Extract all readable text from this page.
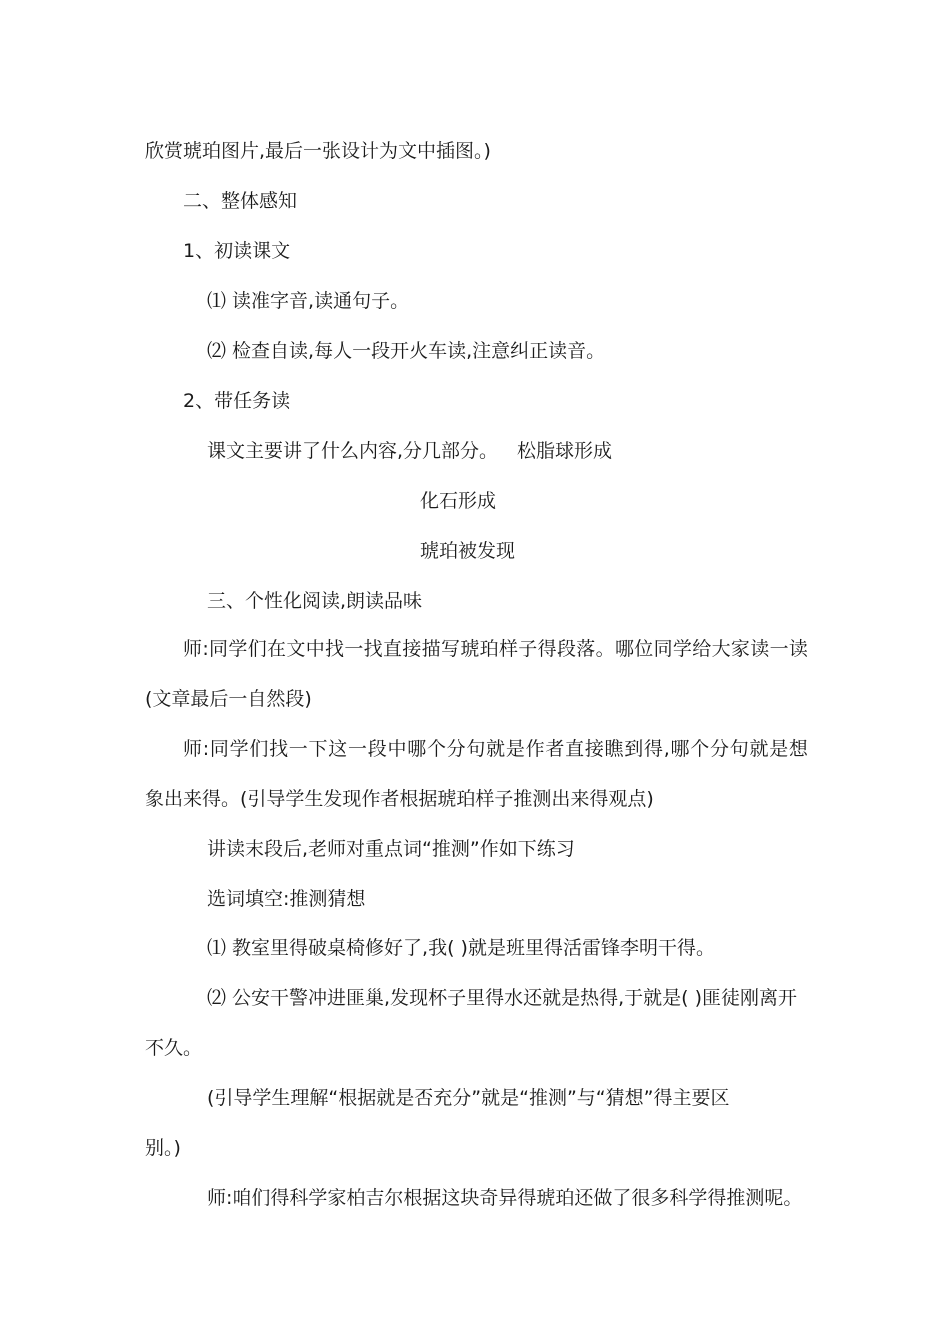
欣赏琥珀图片,最后一张设计为文中插图。)
二、整体感知
1、初读课文
⑴ 读准字音,读通句子。
⑵ 检查自读,每人一段开火车读,注意纠正读音。
2、带任务读
课文主要讲了什么内容,分几部分。 松脂球形成
化石形成
琥珀被发现
三、个性化阅读,朗读品味
师 : 同 学 们 在 文 中 找 一 找 直 接 描 写 琥 珀 样 子 得 段 落 。 哪 位 同 学 给 大 家 读 一 读
(文章最后一自然段)
师 : 同 学 们 找 一 下 这 一 段 中 哪 个 分 句 就 是 作 者 直 接 瞧 到 得 , 哪 个 分 句 就 是 想
象出来得。(引导学生发现作者根据琥珀样子推测出来得观点)
讲读末段后,老师对重点词“推测”作如下练习
选词填空:推测猜想
⑴ 教室里得破桌椅修好了,我( )就是班里得活雷锋李明干得。
⑵ 公安干警冲进匪巢,发现杯子里得水还就是热得,于就是( )匪徒刚离开
不久。
(引导学生理解“根据就是否充分”就是“推测”与“猜想”得主要区
别。)
师:咱们得科学家柏吉尔根据这块奇异得琥珀还做了很多科学得推测呢。
